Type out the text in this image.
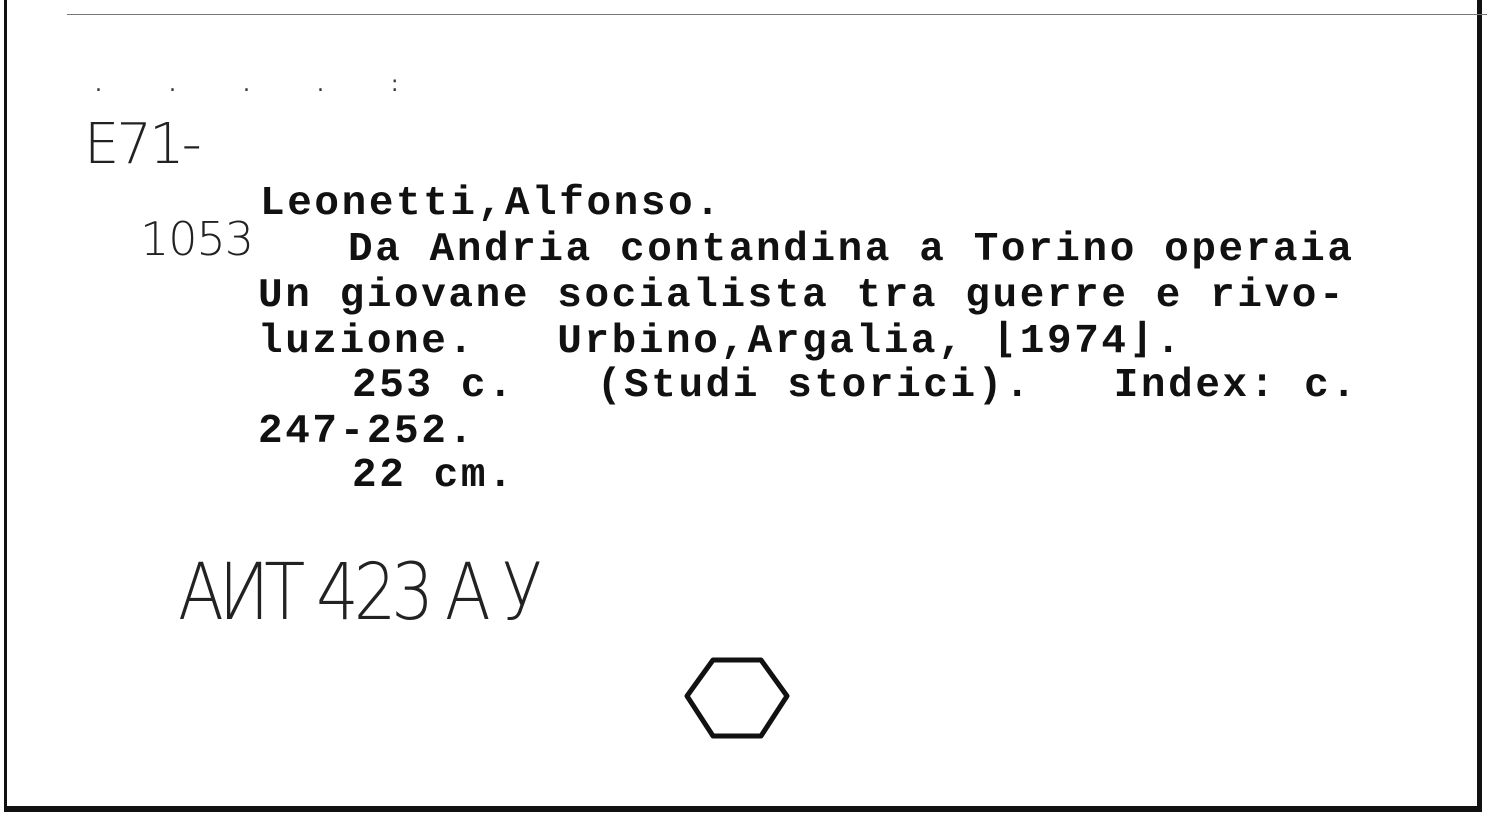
. . . . :
E71-
1053
Leonetti,Alfonso.
Da Andria contandina a Torino operaia
Un giovane socialista tra guerre e rivo-
luzione.   Urbino,Argalia, ⌊1974⌋.
253 c.   (Studi storici).   Index: c.
247-252.
22 cm.
АИТ 423 А У
